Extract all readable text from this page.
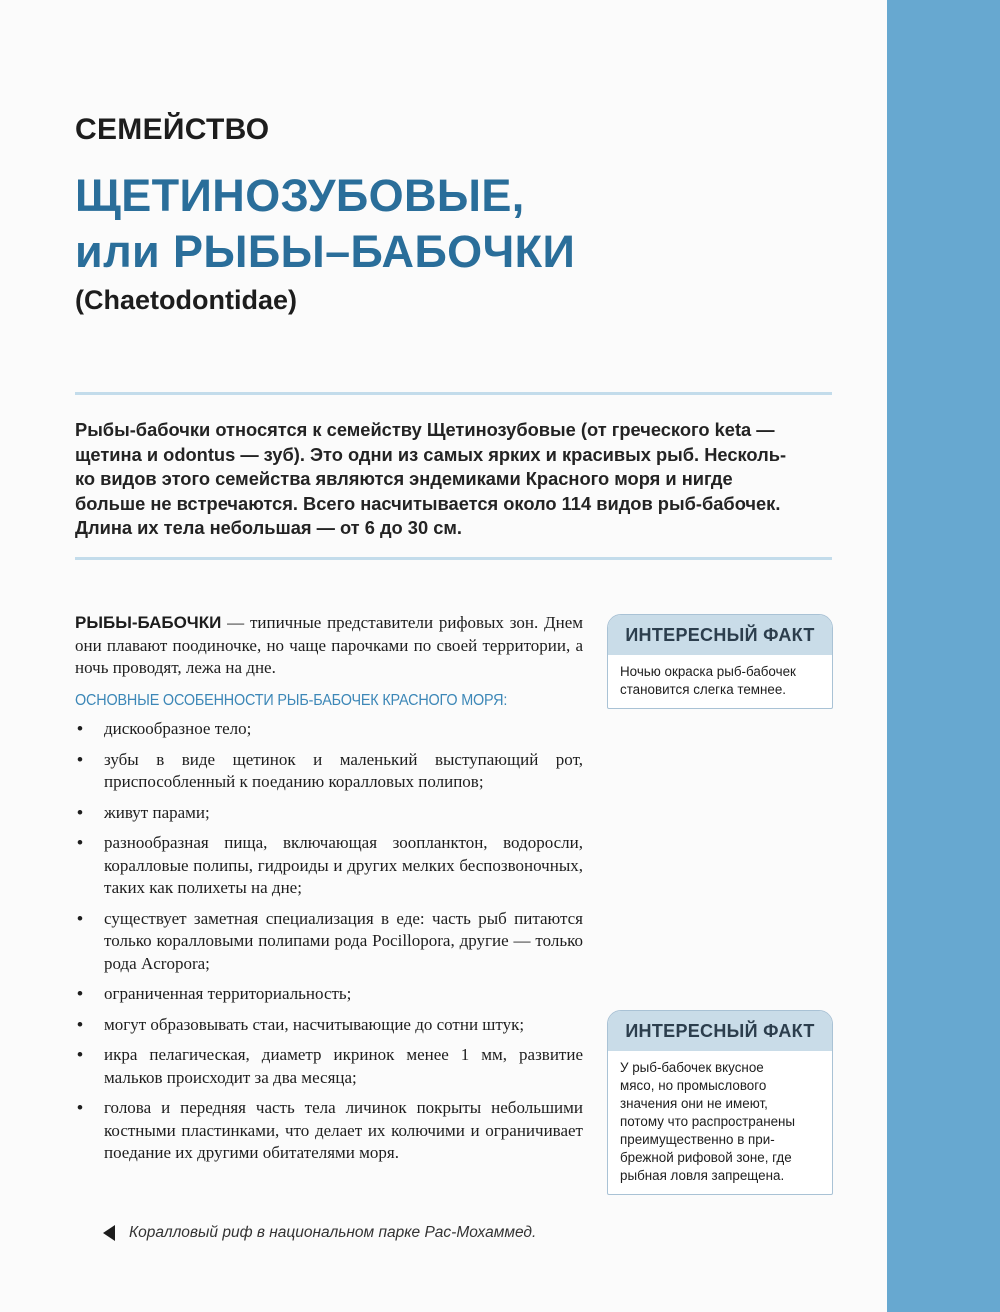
СЕМЕЙСТВО
ЩЕТИНОЗУБОВЫЕ,
или РЫБЫ–БАБОЧКИ
(Chaetodontidae)

Рыбы-бабочки относятся к семейству Щетинозубовые (от греческого keta —
щетина и odontus — зуб). Это одни из самых ярких и красивых рыб. Несколь-
ко видов этого семейства являются эндемиками Красного моря и нигде
больше не встречаются. Всего насчитывается около 114 видов рыб-бабочек.
Длина их тела небольшая — от 6 до 30 см.

РЫБЫ-БАБОЧКИ — типичные представители рифовых зон. Днем они плавают поодиночке, но чаще парочками по своей территории, а ночь проводят, лежа на дне.

ОСНОВНЫЕ ОСОБЕННОСТИ РЫБ-БАБОЧЕК КРАСНОГО МОРЯ:
• дискообразное тело;
• зубы в виде щетинок и маленький выступающий рот, приспособленный к поеданию коралловых полипов;
• живут парами;
• разнообразная пища, включающая зоопланктон, водоросли, коралловые полипы, гидроиды и других мелких беспозвоночных, таких как полихеты на дне;
• существует заметная специализация в еде: часть рыб питаются только коралловыми полипами рода Pocillopora, другие — только рода Acropora;
• ограниченная территориальность;
• могут образовывать стаи, насчитывающие до сотни штук;
• икра пелагическая, диаметр икринок менее 1 мм, развитие мальков происходит за два месяца;
• голова и передняя часть тела личинок покрыты небольшими костными пластинками, что делает их колючими и ограничивает поедание их другими обитателями моря.
ИНТЕРЕСНЫЙ ФАКТ
Ночью окраска рыб-бабочек
становится слегка темнее.
ИНТЕРЕСНЫЙ ФАКТ
У рыб-бабочек вкусное
мясо, но промыслового
значения они не имеют,
потому что распространены
преимущественно в при-
брежной рифовой зоне, где
рыбная ловля запрещена.
Коралловый риф в национальном парке Рас-Мохаммед.
